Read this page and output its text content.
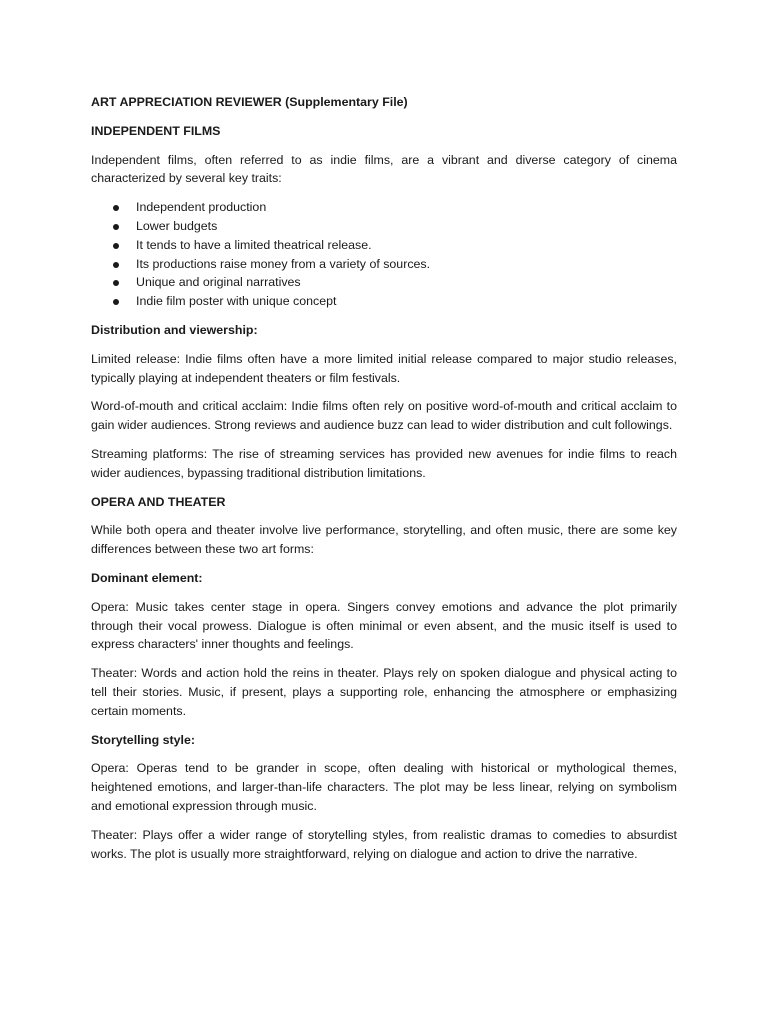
ART APPRECIATION REVIEWER (Supplementary File)
INDEPENDENT FILMS

Independent films, often referred to as indie films, are a vibrant and diverse category of cinema characterized by several key traits:

Independent production
Lower budgets
It tends to have a limited theatrical release.
Its productions raise money from a variety of sources.
Unique and original narratives
Indie film poster with unique concept
Distribution and viewership:

Limited release: Indie films often have a more limited initial release compared to major studio releases, typically playing at independent theaters or film festivals.

Word-of-mouth and critical acclaim: Indie films often rely on positive word-of-mouth and critical acclaim to gain wider audiences. Strong reviews and audience buzz can lead to wider distribution and cult followings.

Streaming platforms: The rise of streaming services has provided new avenues for indie films to reach wider audiences, bypassing traditional distribution limitations.

OPERA AND THEATER

While both opera and theater involve live performance, storytelling, and often music, there are some key differences between these two art forms:

Dominant element:

Opera: Music takes center stage in opera. Singers convey emotions and advance the plot primarily through their vocal prowess. Dialogue is often minimal or even absent, and the music itself is used to express characters' inner thoughts and feelings.

Theater: Words and action hold the reins in theater. Plays rely on spoken dialogue and physical acting to tell their stories. Music, if present, plays a supporting role, enhancing the atmosphere or emphasizing certain moments.

Storytelling style:

Opera: Operas tend to be grander in scope, often dealing with historical or mythological themes, heightened emotions, and larger-than-life characters. The plot may be less linear, relying on symbolism and emotional expression through music.

Theater: Plays offer a wider range of storytelling styles, from realistic dramas to comedies to absurdist works. The plot is usually more straightforward, relying on dialogue and action to drive the narrative.
